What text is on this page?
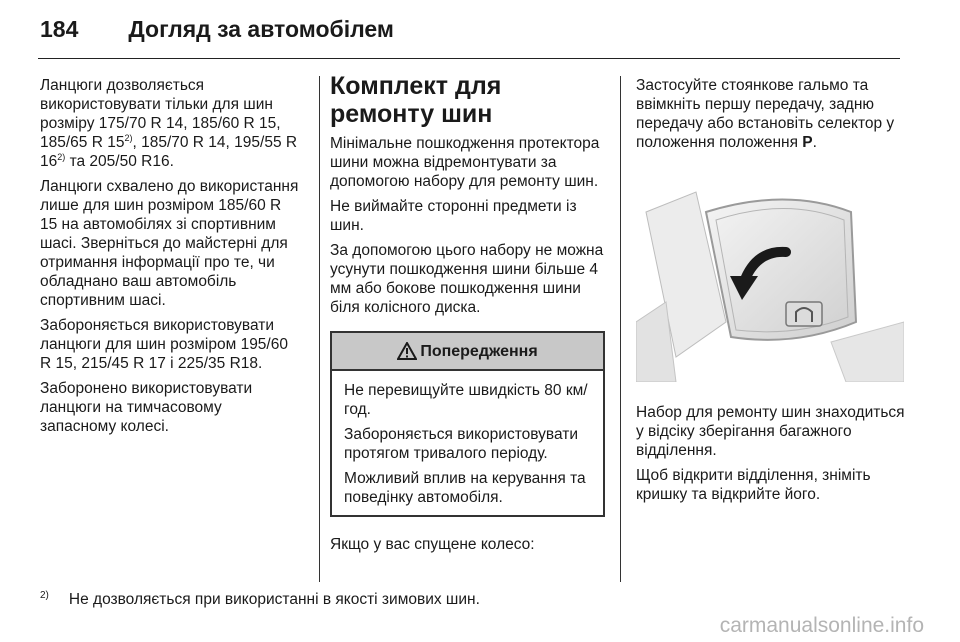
184 Догляд за автомобілем

Ланцюги дозволяється використовувати тільки для шин розміру 175/70 R 14, 185/60 R 15, 185/65 R 15$^{2)}$, 185/70 R 14, 195/55 R 16$^{2)}$ та 205/50 R16.

Ланцюги схвалено до використання лише для шин розміром 185/60 R 15 на автомобілях зі спортивним шасі. Зверніться до майстерні для отримання інформації про те, чи обладнано ваш автомобіль спортивним шасі.

Забороняється використовувати ланцюги для шин розміром 195/60 R 15, 215/45 R 17 і 225/35 R18.

Заборонено використовувати ланцюги на тимчасовому запасному колесі.

Комплект для ремонту шин

Мінімальне пошкодження протектора шини можна відремонтувати за допомогою набору для ремонту шин.

Не виймайте сторонні предмети із шин.

За допомогою цього набору не можна усунути пошкодження шини більше 4 мм або бокове пошкодження шини біля колісного диска.

Попередження

Не перевищуйте швидкість 80 км/год.

Забороняється використовувати протягом тривалого періоду.

Можливий вплив на керування та поведінку автомобіля.

Якщо у вас спущене колесо:

Застосуйте стоянкове гальмо та ввімкніть першу передачу, задню передачу або встановіть селектор у положення положення P.

Набор для ремонту шин знаходиться у відсіку зберігання багажного відділення.

Щоб відкрити відділення, зніміть кришку та відкрийте його.

$^{2)}$ Не дозволяється при використанні в якості зимових шин.
carmanualsonline.info
